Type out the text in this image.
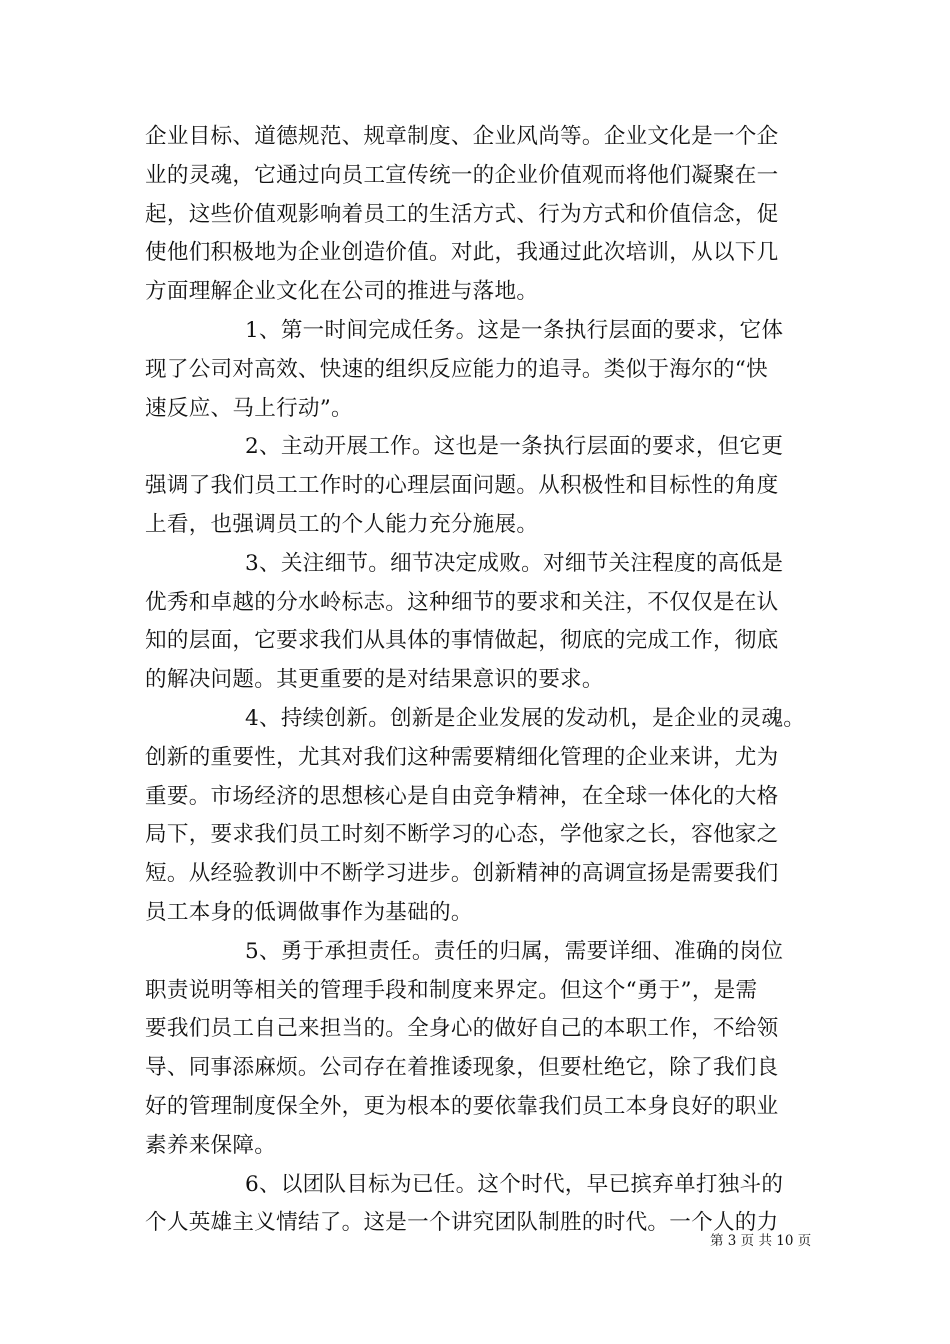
企业目标、道德规范、规章制度、企业风尚等。企业文化是一个企
业的灵魂，它通过向员工宣传统一的企业价值观而将他们凝聚在一
起，这些价值观影响着员工的生活方式、行为方式和价值信念，促
使他们积极地为企业创造价值。对此，我通过此次培训，从以下几
方面理解企业文化在公司的推进与落地。
1、第一时间完成任务。这是一条执行层面的要求，它体
现了公司对高效、快速的组织反应能力的追寻。类似于海尔的“快
速反应、马上行动”。
2、主动开展工作。这也是一条执行层面的要求，但它更
强调了我们员工工作时的心理层面问题。从积极性和目标性的角度
上看，也强调员工的个人能力充分施展。
3、关注细节。细节决定成败。对细节关注程度的高低是
优秀和卓越的分水岭标志。这种细节的要求和关注，不仅仅是在认
知的层面，它要求我们从具体的事情做起，彻底的完成工作，彻底
的解决问题。其更重要的是对结果意识的要求。
4、持续创新。创新是企业发展的发动机，是企业的灵魂。
创新的重要性，尤其对我们这种需要精细化管理的企业来讲，尤为
重要。市场经济的思想核心是自由竞争精神，在全球一体化的大格
局下，要求我们员工时刻不断学习的心态，学他家之长，容他家之
短。从经验教训中不断学习进步。创新精神的高调宣扬是需要我们
员工本身的低调做事作为基础的。
5、勇于承担责任。责任的归属，需要详细、准确的岗位
职责说明等相关的管理手段和制度来界定。但这个“勇于”，是需
要我们员工自己来担当的。全身心的做好自己的本职工作，不给领
导、同事添麻烦。公司存在着推诿现象，但要杜绝它，除了我们良
好的管理制度保全外，更为根本的要依靠我们员工本身良好的职业
素养来保障。
6、以团队目标为已任。这个时代，早已摈弃单打独斗的
个人英雄主义情结了。这是一个讲究团队制胜的时代。一个人的力
第 3 页 共 10 页
